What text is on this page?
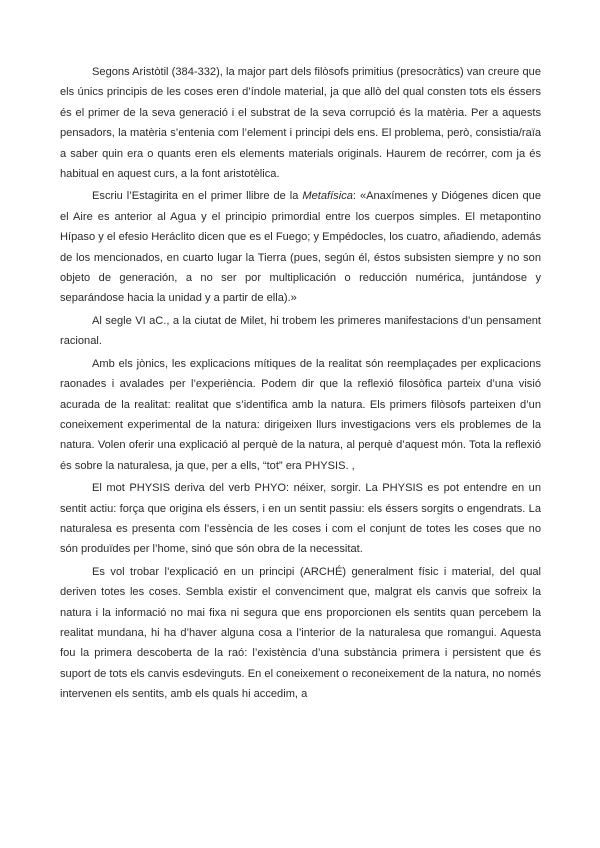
Segons Aristòtil (384-332), la major part dels filòsofs primitius (presocràtics) van creure que els únics principis de les coses eren d’índole material, ja que allò del qual consten tots els éssers és el primer de la seva generació i el substrat de la seva corrupció és la matèria. Per a aquests pensadors, la matèria s’entenia com l’element i principi dels ens. El problema, però, consistia/raïa a saber quin era o quants eren els elements materials originals. Haurem de recórrer, com ja és habitual en aquest curs, a la font aristotèlica.

Escriu l’Estagirita en el primer llibre de la Metafísica: «Anaxímenes y Diógenes dicen que el Aire es anterior al Agua y el principio primordial entre los cuerpos simples. El metapontino Hípaso y el efesio Heráclito dicen que es el Fuego; y Empédocles, los cuatro, añadiendo, además de los mencionados, en cuarto lugar la Tierra (pues, según él, éstos subsisten siempre y no son objeto de generación, a no ser por multiplicación o reducción numérica, juntándose y separándose hacia la unidad y a partir de ella).»

Al segle VI aC., a la ciutat de Milet, hi trobem les primeres manifestacions d’un pensament racional.

Amb els jònics, les explicacions mítiques de la realitat són reemplaçades per explicacions raonades i avalades per l’experiència. Podem dir que la reflexió filosòfica parteix d’una visió acurada de la realitat: realitat que s’identifica amb la natura. Els primers filòsofs parteixen d’un coneixement experimental de la natura: dirigeixen llurs investigacions vers els problemes de la natura. Volen oferir una explicació al perquè de la natura, al perquè d’aquest món. Tota la reflexió és sobre la naturalesa, ja que, per a ells, “tot” era PHYSIS. ,

El mot PHYSIS deriva del verb PHYO: néixer, sorgir. La PHYSIS es pot entendre en un sentit actiu: força que origina els éssers, i en un sentit passiu: els éssers sorgits o engendrats. La naturalesa es presenta com l’essència de les coses i com el conjunt de totes les coses que no són produïdes per l’home, sinó que són obra de la necessitat.

Es vol trobar l’explicació en un principi (ARCHÉ) generalment físic i material, del qual deriven totes les coses. Sembla existir el convenciment que, malgrat els canvis que sofreix la natura i la informació no mai fixa ni segura que ens proporcionen els sentits quan percebem la realitat mundana, hi ha d’haver alguna cosa a l’interior de la naturalesa que romangui. Aquesta fou la primera descoberta de la raó: l’existència d’una substància primera i persistent que és suport de tots els canvis esdevinguts. En el coneixement o reconeixement de la natura, no només intervenen els sentits, amb els quals hi accedim, a
